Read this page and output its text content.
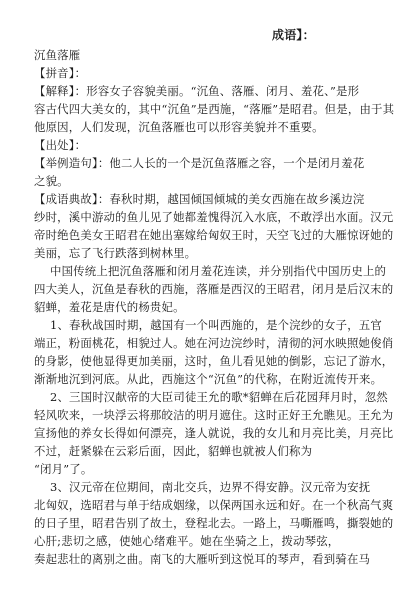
成语】：
沉鱼落雁
【拼音】：
【解释】：形容女子容貌美丽。“沉鱼、落雁、闭月、羞花、”是形
容古代四大美女的，其中“沉鱼”是西施，“落雁”是昭君。但是，由于其
他原因，人们发现，沉鱼落雁也可以形容美貌并不重要。
【出处】：
【举例造句】：他二人长的一个是沉鱼落雁之容，一个是闭月羞花
之貌。
【成语典故】：春秋时期，越国倾国倾城的美女西施在故乡溪边浣
纱时，溪中游动的鱼儿见了她都羞愧得沉入水底，不敢浮出水面。汉元
帝时绝色美女王昭君在她出塞嫁给匈奴王时，天空飞过的大雁惊讶她的
美丽，忘了飞行跌落到树林里。
中国传统上把沉鱼落雁和闭月羞花连读，并分别指代中国历史上的
四大美人，沉鱼是春秋的西施，落雁是西汉的王昭君，闭月是后汉末的
貂蝉，羞花是唐代的杨贵妃。
1、春秋战国时期，越国有一个叫西施的，是个浣纱的女子，五官
端正，粉面桃花，相貌过人。她在河边浣纱时，清彻的河水映照她俊俏
的身影，使他显得更加美丽，这时，鱼儿看见她的倒影，忘记了游水，
渐渐地沉到河底。从此，西施这个“沉鱼”的代称，在附近流传开来。
2、三国时汉献帝的大臣司徒王允的歌*貂蝉在后花园拜月时，忽然
轻风吹来，一块浮云将那皎洁的明月遮住。这时正好王允瞧见。王允为
宣扬他的养女长得如何漂亮，逢人就说，我的女儿和月亮比美，月亮比
不过，赶紧躲在云彩后面，因此，貂蝉也就被人们称为
“闭月”了。
3、汉元帝在位期间，南北交兵，边界不得安静。汉元帝为安抚
北匈奴，选昭君与单于结成姻缘，以保两国永远和好。在一个秋高气爽
的日子里，昭君告别了故土，登程北去。一路上，马嘶雁鸣，撕裂她的
心肝;悲切之感，使她心绪难平。她在坐骑之上，拨动琴弦，
奏起悲壮的离别之曲。南飞的大雁听到这悦耳的琴声，看到骑在马
